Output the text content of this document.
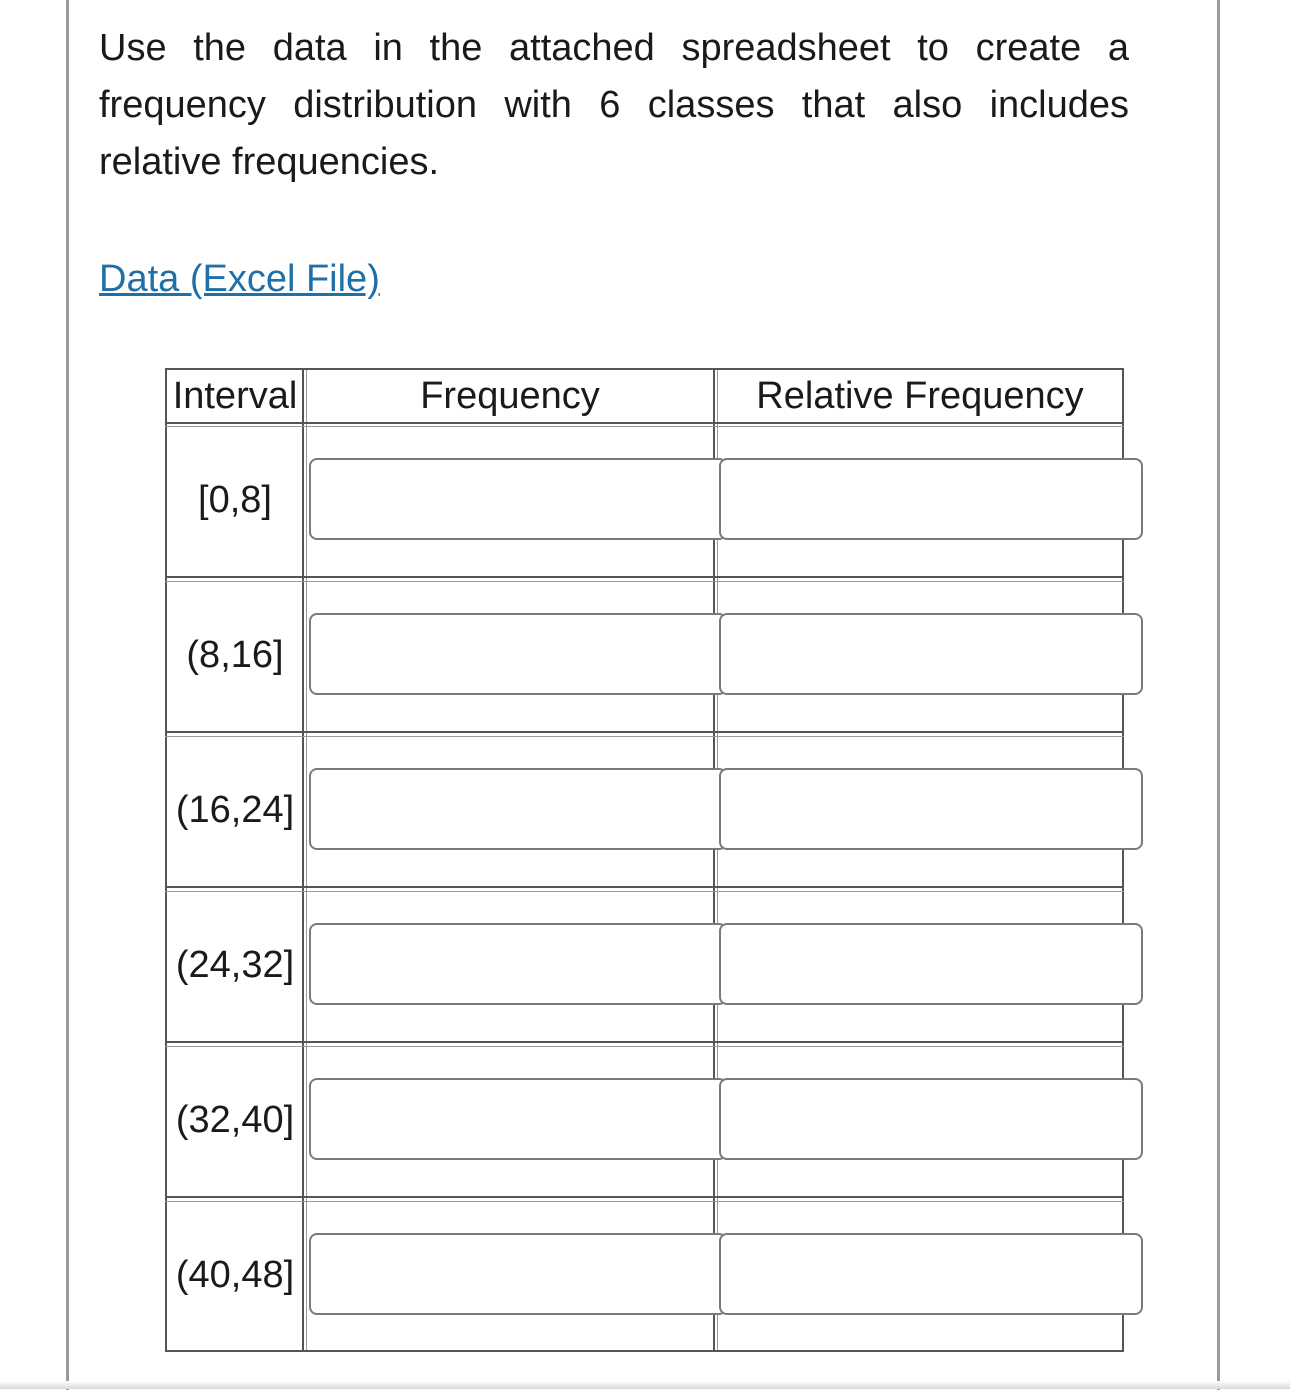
Use the data in the attached spreadsheet to create a frequency distribution with 6 classes that also includes relative frequencies.

Data (Excel File)
Interval	Frequency	Relative Frequency
[0,8]
(8,16]
(16,24]
(24,32]
(32,40]
(40,48]
